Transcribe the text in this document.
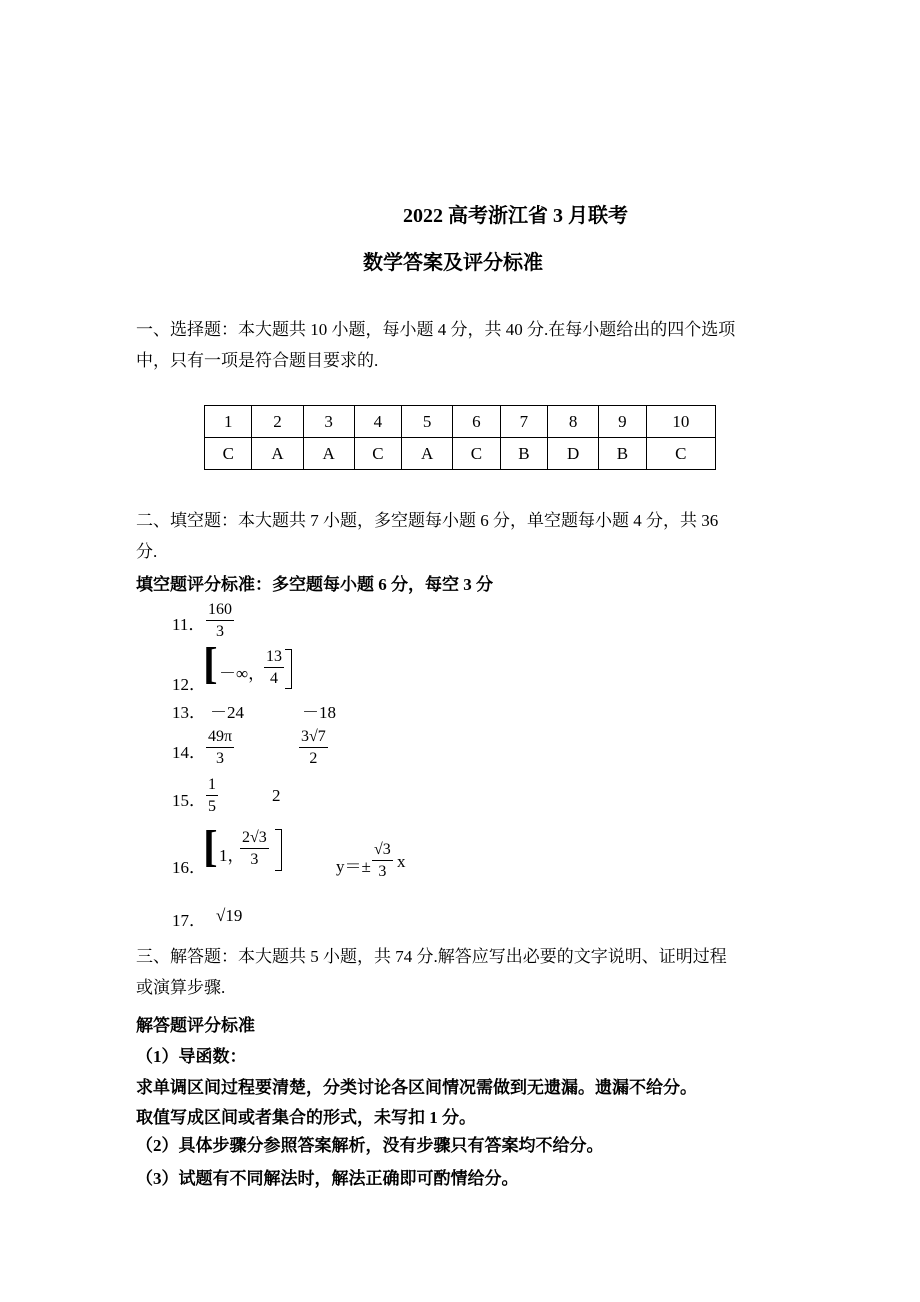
2022 高考浙江省 3 月联考
数学答案及评分标准
一、选择题：本大题共 10 小题，每小题 4 分，共 40 分.在每小题给出的四个选项
中，只有一项是符合题目要求的.
1	2	3	4	5	6	7	8	9	10
C	A	A	C	A	C	B	D	B	C
二、填空题：本大题共 7 小题，多空题每小题 6 分，单空题每小题 4 分，共 36
分.
填空题评分标准：多空题每小题 6 分，每空 3 分
11． $\frac{160}{3}$
12．
[ －∞，
$\frac{13}{4}$
13． －24	－18
14． $\frac{49\pi}{3}$	$\frac{3√7}{2}$
15． $\frac{1}{5}$	2
16．
[ 1，
$\frac{2√3}{3}$	$y=\pm \frac{√3}{3}$ x
17． √19
三、解答题：本大题共 5 小题，共 74 分.解答应写出必要的文字说明、证明过程
或演算步骤.
解答题评分标准
（1）导函数：
求单调区间过程要清楚，分类讨论各区间情况需做到无遗漏。遗漏不给分。
取值写成区间或者集合的形式，未写扣 1 分。
（2）具体步骤分参照答案解析，没有步骤只有答案均不给分。
（3）试题有不同解法时，解法正确即可酌情给分。
